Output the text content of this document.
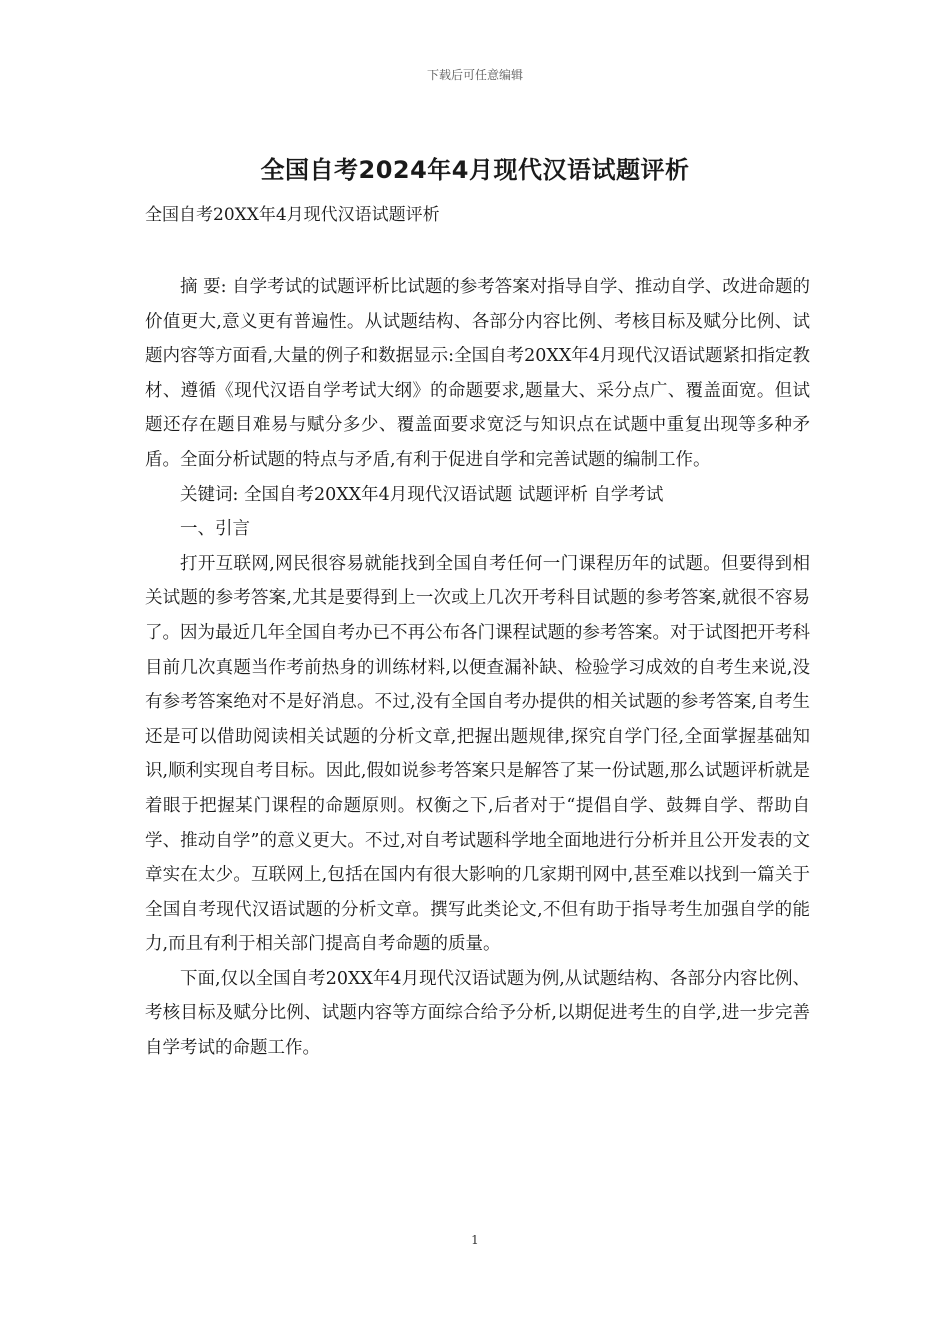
下载后可任意编辑
全国自考2024年4月现代汉语试题评析

全国自考20XX年4月现代汉语试题评析

摘 要: 自学考试的试题评析比试题的参考答案对指导自学、推动自学、改进命题的价值更大,意义更有普遍性。从试题结构、各部分内容比例、考核目标及赋分比例、试题内容等方面看,大量的例子和数据显示:全国自考20XX年4月现代汉语试题紧扣指定教材、遵循《现代汉语自学考试大纲》的命题要求,题量大、采分点广、覆盖面宽。但试题还存在题目难易与赋分多少、覆盖面要求宽泛与知识点在试题中重复出现等多种矛盾。全面分析试题的特点与矛盾,有利于促进自学和完善试题的编制工作。

关键词: 全国自考20XX年4月现代汉语试题 试题评析 自学考试

一、引言

打开互联网,网民很容易就能找到全国自考任何一门课程历年的试题。但要得到相关试题的参考答案,尤其是要得到上一次或上几次开考科目试题的参考答案,就很不容易了。因为最近几年全国自考办已不再公布各门课程试题的参考答案。对于试图把开考科目前几次真题当作考前热身的训练材料,以便查漏补缺、检验学习成效的自考生来说,没有参考答案绝对不是好消息。不过,没有全国自考办提供的相关试题的参考答案,自考生还是可以借助阅读相关试题的分析文章,把握出题规律,探究自学门径,全面掌握基础知识,顺利实现自考目标。因此,假如说参考答案只是解答了某一份试题,那么试题评析就是着眼于把握某门课程的命题原则。权衡之下,后者对于“提倡自学、鼓舞自学、帮助自学、推动自学”的意义更大。不过,对自考试题科学地全面地进行分析并且公开发表的文章实在太少。互联网上,包括在国内有很大影响的几家期刊网中,甚至难以找到一篇关于全国自考现代汉语试题的分析文章。撰写此类论文,不但有助于指导考生加强自学的能力,而且有利于相关部门提高自考命题的质量。

下面,仅以全国自考20XX年4月现代汉语试题为例,从试题结构、各部分内容比例、考核目标及赋分比例、试题内容等方面综合给予分析,以期促进考生的自学,进一步完善自学考试的命题工作。

1
